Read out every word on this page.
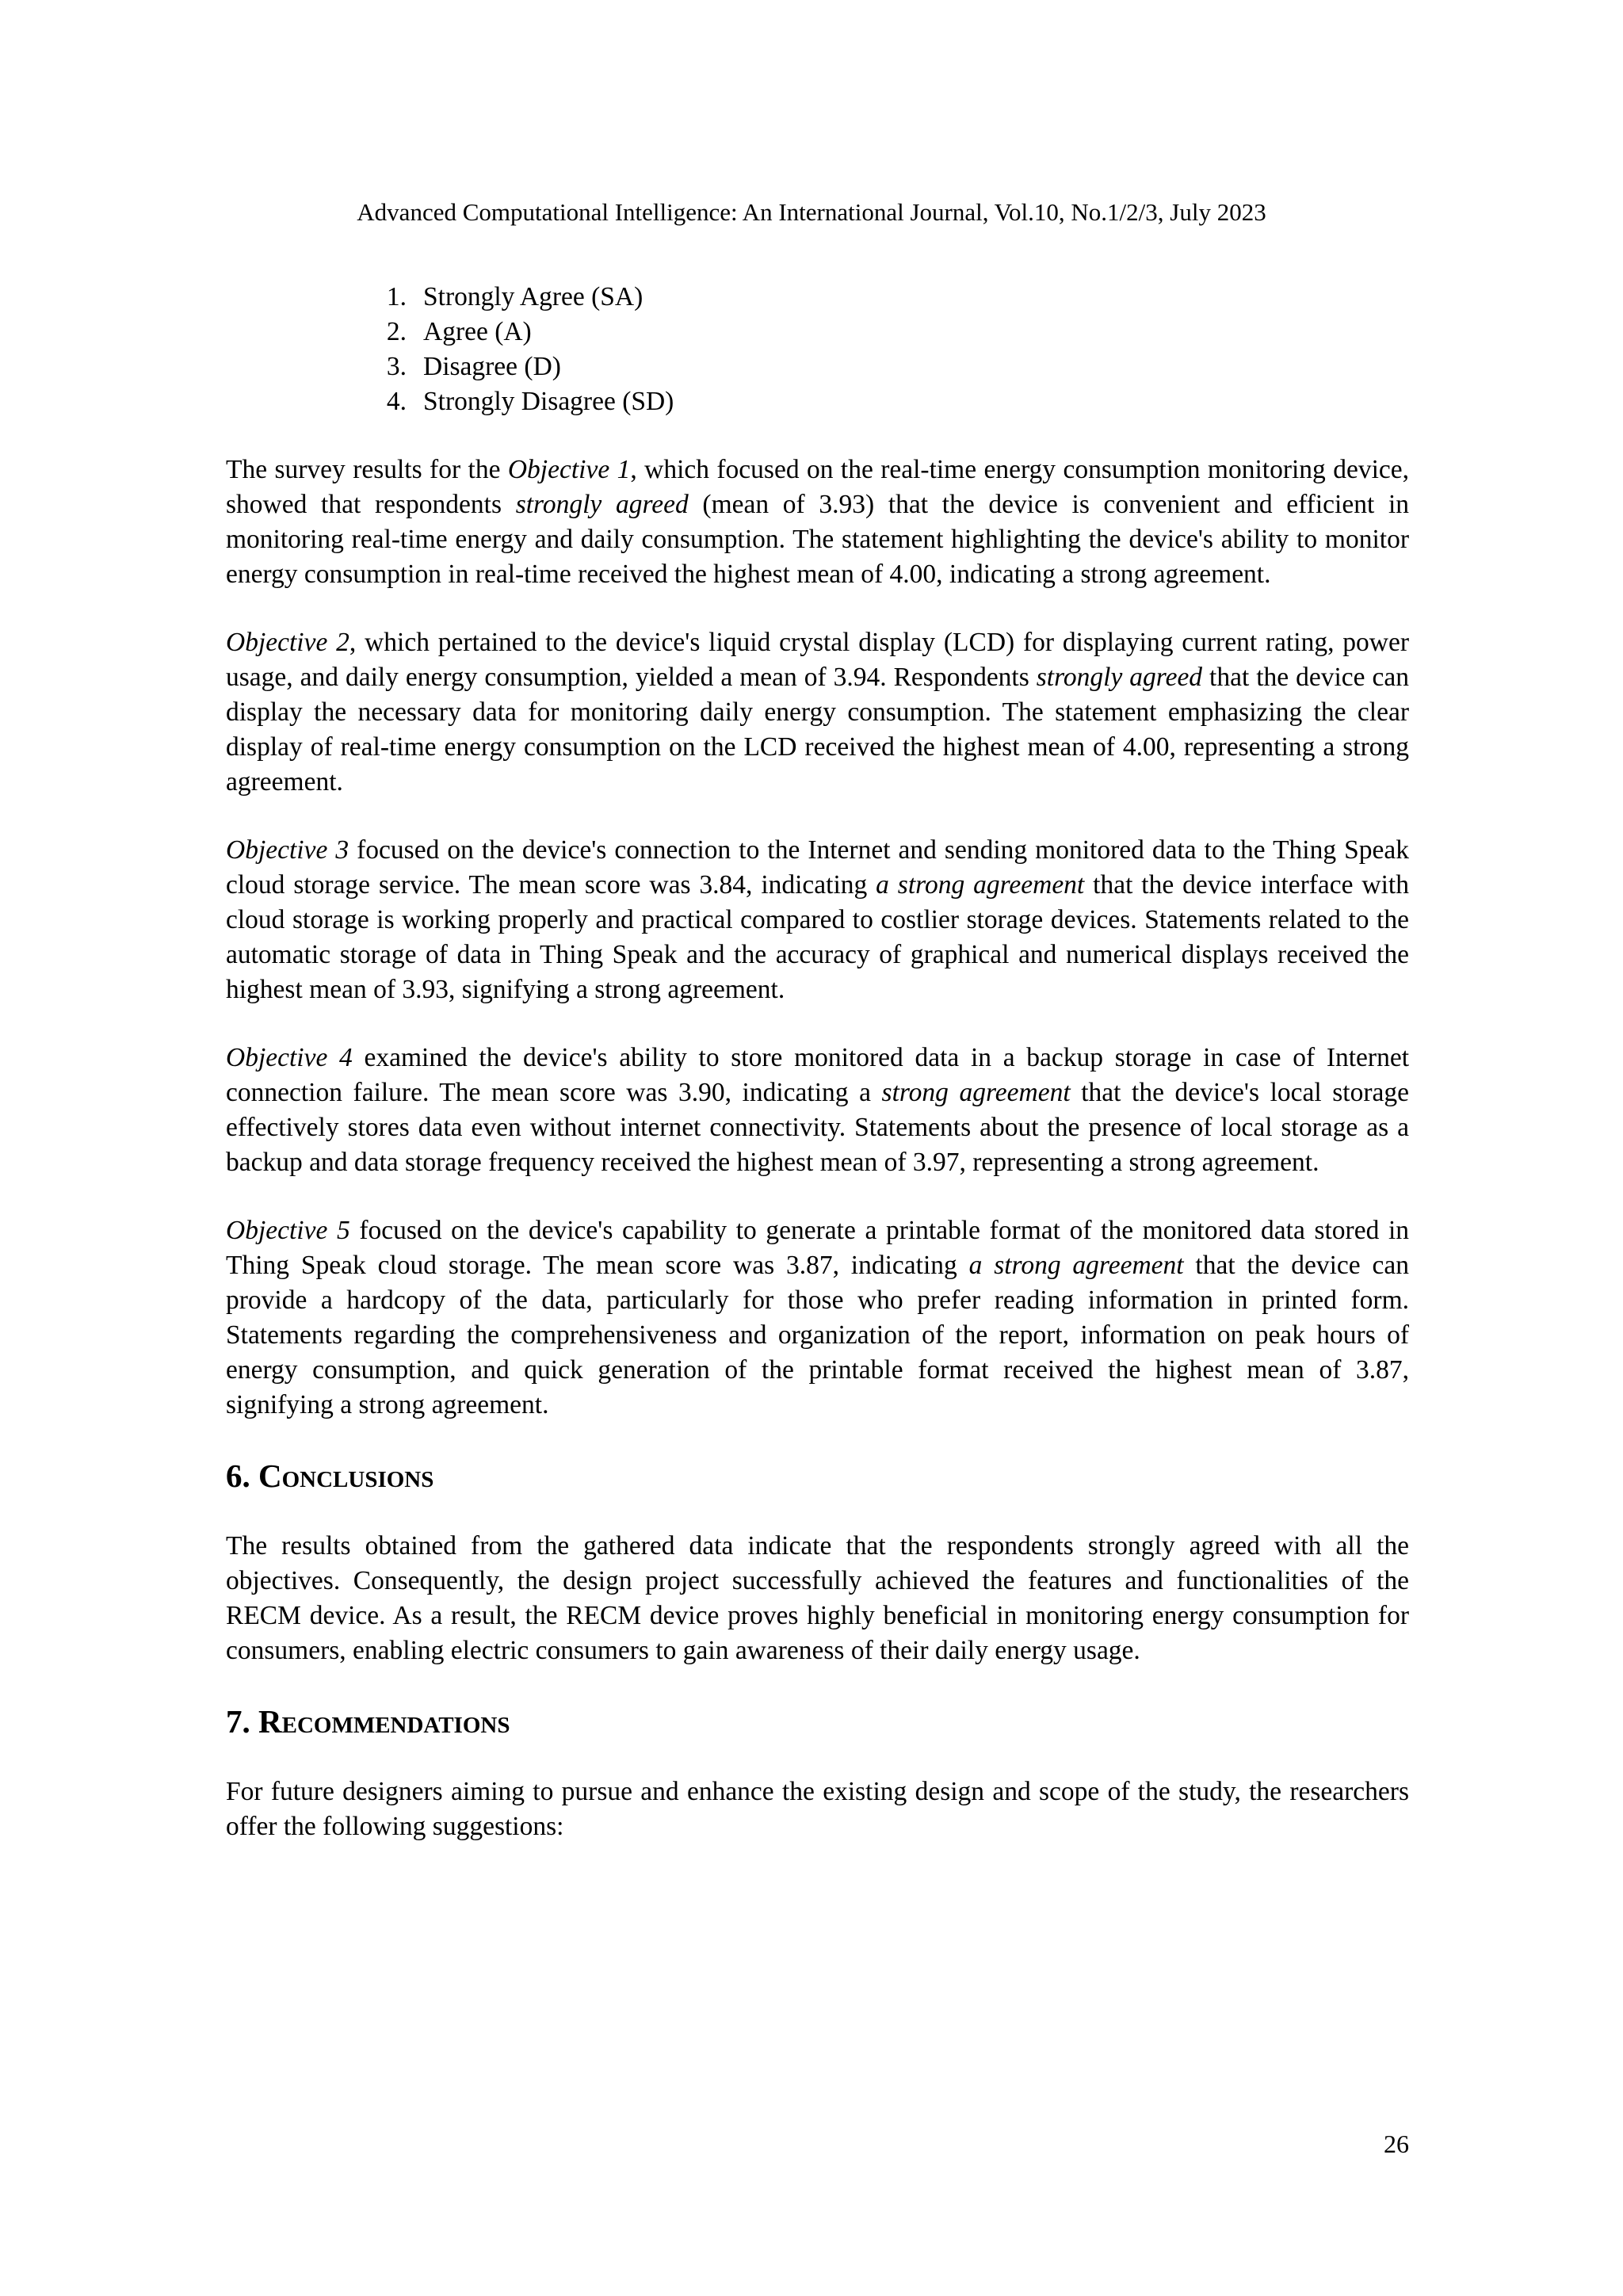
Advanced Computational Intelligence: An International Journal, Vol.10, No.1/2/3, July 2023
1. Strongly Agree (SA)
2. Agree (A)
3. Disagree (D)
4. Strongly Disagree (SD)

The survey results for the Objective 1, which focused on the real-time energy consumption monitoring device, showed that respondents strongly agreed (mean of 3.93) that the device is convenient and efficient in monitoring real-time energy and daily consumption. The statement highlighting the device's ability to monitor energy consumption in real-time received the highest mean of 4.00, indicating a strong agreement.

Objective 2, which pertained to the device's liquid crystal display (LCD) for displaying current rating, power usage, and daily energy consumption, yielded a mean of 3.94. Respondents strongly agreed that the device can display the necessary data for monitoring daily energy consumption. The statement emphasizing the clear display of real-time energy consumption on the LCD received the highest mean of 4.00, representing a strong agreement.

Objective 3 focused on the device's connection to the Internet and sending monitored data to the Thing Speak cloud storage service. The mean score was 3.84, indicating a strong agreement that the device interface with cloud storage is working properly and practical compared to costlier storage devices. Statements related to the automatic storage of data in Thing Speak and the accuracy of graphical and numerical displays received the highest mean of 3.93, signifying a strong agreement.

Objective 4 examined the device's ability to store monitored data in a backup storage in case of Internet connection failure. The mean score was 3.90, indicating a strong agreement that the device's local storage effectively stores data even without internet connectivity. Statements about the presence of local storage as a backup and data storage frequency received the highest mean of 3.97, representing a strong agreement.

Objective 5 focused on the device's capability to generate a printable format of the monitored data stored in Thing Speak cloud storage. The mean score was 3.87, indicating a strong agreement that the device can provide a hardcopy of the data, particularly for those who prefer reading information in printed form. Statements regarding the comprehensiveness and organization of the report, information on peak hours of energy consumption, and quick generation of the printable format received the highest mean of 3.87, signifying a strong agreement.

6. Conclusions

The results obtained from the gathered data indicate that the respondents strongly agreed with all the objectives. Consequently, the design project successfully achieved the features and functionalities of the RECM device. As a result, the RECM device proves highly beneficial in monitoring energy consumption for consumers, enabling electric consumers to gain awareness of their daily energy usage.

7. Recommendations

For future designers aiming to pursue and enhance the existing design and scope of the study, the researchers offer the following suggestions:

26
